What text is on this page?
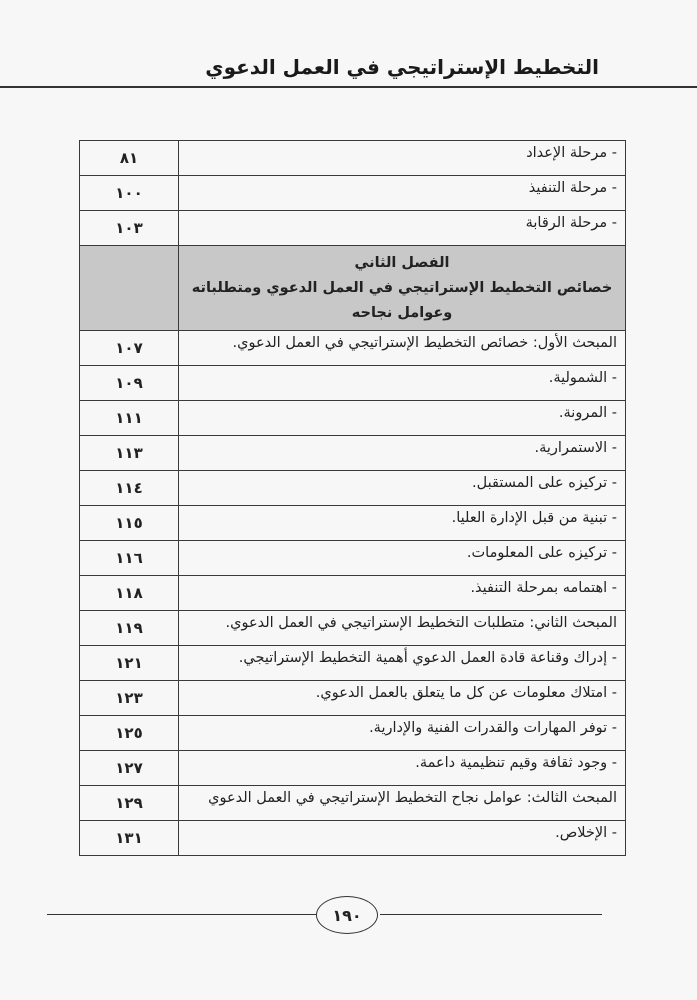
التخطيط الإستراتيجي في العمل الدعوي
- مرحلة الإعداد	٨١
- مرحلة التنفيذ	١٠٠
- مرحلة الرقابة	١٠٣

الفصل الثاني
خصائص التخطيط الإستراتيجي في العمل الدعوي ومتطلباته
وعوامل نجاحه	

المبحث الأول: خصائص التخطيط الإستراتيجي في العمل الدعوي.	١٠٧
- الشمولية.	١٠٩
- المرونة.	١١١
- الاستمرارية.	١١٣
- تركيزه على المستقبل.	١١٤
- تبنية من قبل الإدارة العليا.	١١٥
- تركيزه على المعلومات.	١١٦
- اهتمامه بمرحلة التنفيذ.	١١٨
المبحث الثاني: متطلبات التخطيط الإستراتيجي في العمل الدعوي.	١١٩
- إدراك وقناعة قادة العمل الدعوي أهمية التخطيط الإستراتيجي.	١٢١
- امتلاك معلومات عن كل ما يتعلق بالعمل الدعوي.	١٢٣
- توفر المهارات والقدرات الفنية والإدارية.	١٢٥
- وجود ثقافة وقيم تنظيمية داعمة.	١٢٧
المبحث الثالث: عوامل نجاح التخطيط الإستراتيجي في العمل الدعوي	١٢٩
- الإخلاص.	١٣١
١٩٠
